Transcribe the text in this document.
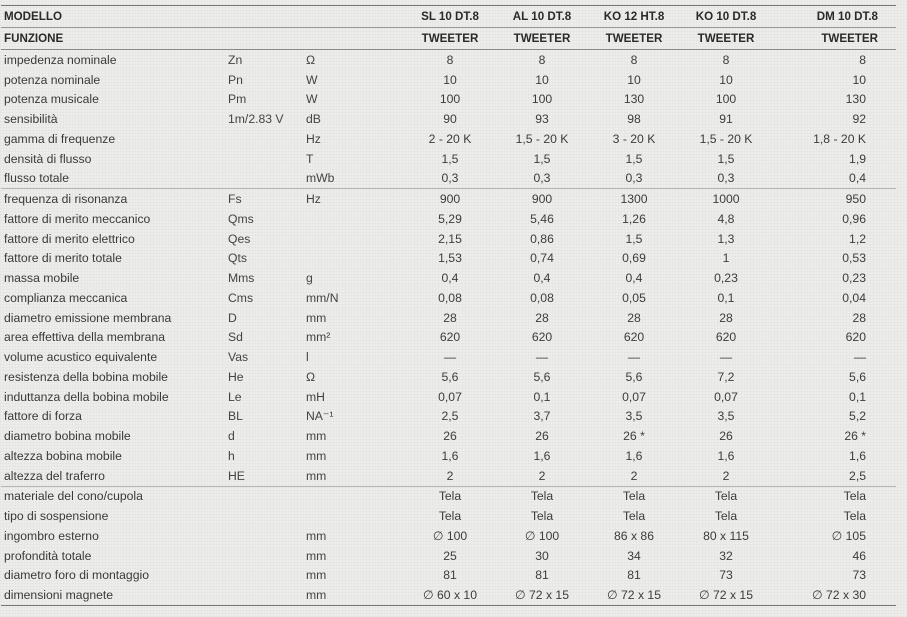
MODELLO			SL 10 DT.8	AL 10 DT.8	KO 12 HT.8	KO 10 DT.8	DM 10 DT.8
FUNZIONE			TWEETER	TWEETER	TWEETER	TWEETER	TWEETER
impedenza nominale	Zn	Ω	8	8	8	8	8
potenza nominale	Pn	W	10	10	10	10	10
potenza musicale	Pm	W	100	100	130	100	130
sensibilità	1m/2.83 V	dB	90	93	98	91	92
gamma di frequenze		Hz	2 - 20 K	1,5 - 20 K	3 - 20 K	1,5 - 20 K	1,8 - 20 K
densità di flusso		T	1,5	1,5	1,5	1,5	1,9
flusso totale		mWb	0,3	0,3	0,3	0,3	0,4
frequenza di risonanza	Fs	Hz	900	900	1300	1000	950
fattore di merito meccanico	Qms		5,29	5,46	1,26	4,8	0,96
fattore di merito elettrico	Qes		2,15	0,86	1,5	1,3	1,2
fattore di merito totale	Qts		1,53	0,74	0,69	1	0,53
massa mobile	Mms	g	0,4	0,4	0,4	0,23	0,23
complianza meccanica	Cms	mm/N	0,08	0,08	0,05	0,1	0,04
diametro emissione membrana	D	mm	28	28	28	28	28
area effettiva della membrana	Sd	mm²	620	620	620	620	620
volume acustico equivalente	Vas	l	—	—	—	—	—
resistenza della bobina mobile	He	Ω	5,6	5,6	5,6	7,2	5,6
induttanza della bobina mobile	Le	mH	0,07	0,1	0,07	0,07	0,1
fattore di forza	BL	NA⁻¹	2,5	3,7	3,5	3,5	5,2
diametro bobina mobile	d	mm	26	26	26 *	26	26 *
altezza bobina mobile	h	mm	1,6	1,6	1,6	1,6	1,6
altezza del traferro	HE	mm	2	2	2	2	2,5
materiale del cono/cupola			Tela	Tela	Tela	Tela	Tela
tipo di sospensione			Tela	Tela	Tela	Tela	Tela
ingombro esterno		mm	∅ 100	∅ 100	86 x 86	80 x 115	∅ 105
profondità totale		mm	25	30	34	32	46
diametro foro di montaggio		mm	81	81	81	73	73
dimensioni magnete		mm	∅ 60 x 10	∅ 72 x 15	∅ 72 x 15	∅ 72 x 15	∅ 72 x 30
